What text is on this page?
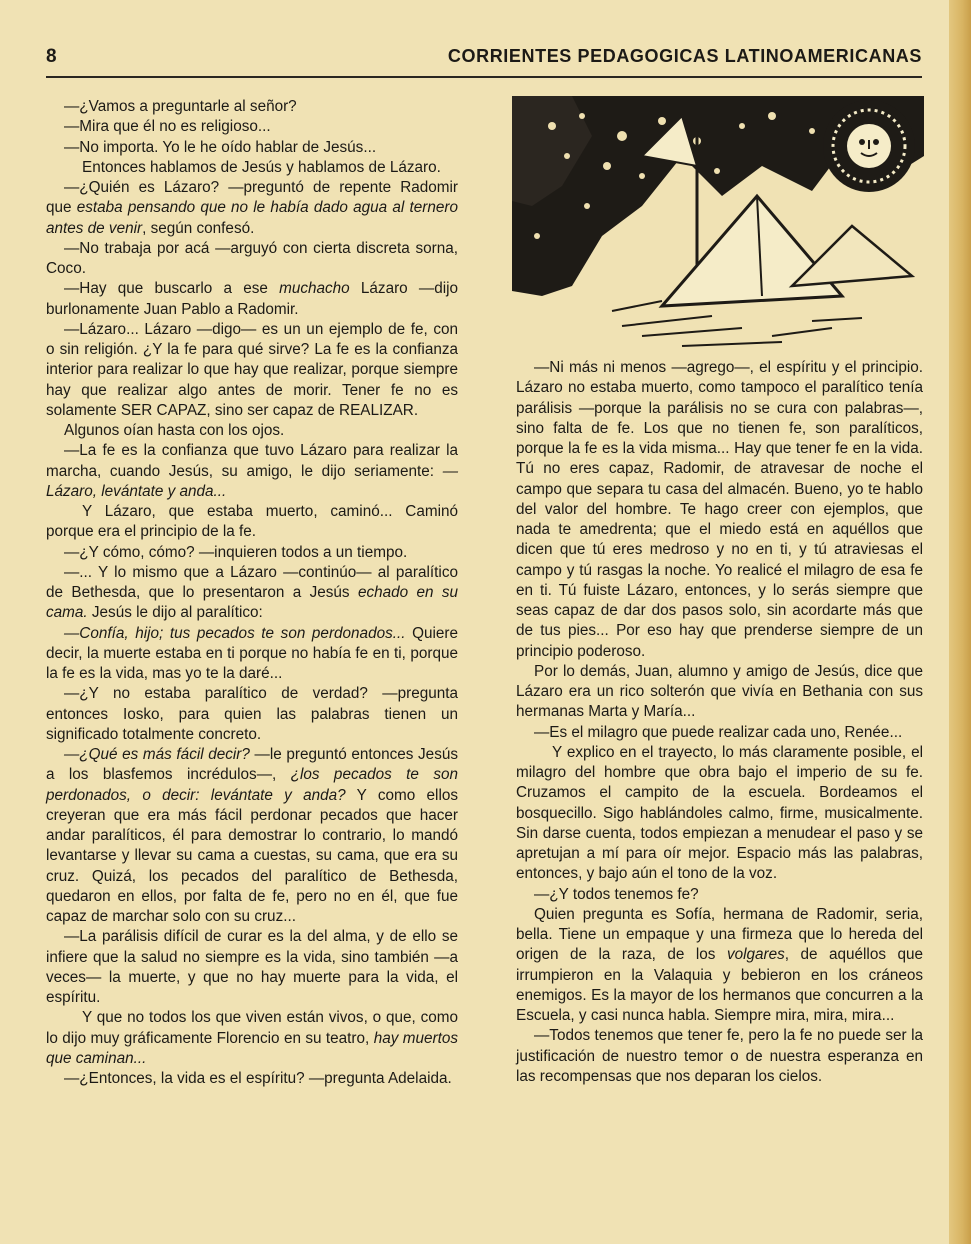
8	CORRIENTES PEDAGOGICAS LATINOAMERICANAS

—¿Vamos a preguntarle al señor?

—Mira que él no es religioso...

—No importa. Yo le he oído hablar de Jesús...

Entonces hablamos de Jesús y hablamos de Lázaro.

—¿Quién es Lázaro? —preguntó de repente Radomir que estaba pensando que no le había dado agua al ternero antes de venir, según confesó.

—No trabaja por acá —arguyó con cierta discreta sorna, Coco.

—Hay que buscarlo a ese muchacho Lázaro —dijo burlonamente Juan Pablo a Radomir.

—Lázaro... Lázaro —digo— es un un ejemplo de fe, con o sin religión. ¿Y la fe para qué sirve? La fe es la confianza interior para realizar lo que hay que realizar, porque siempre hay que realizar algo antes de morir. Tener fe no es solamente SER CAPAZ, sino ser capaz de REALIZAR.

Algunos oían hasta con los ojos.

—La fe es la confianza que tuvo Lázaro para realizar la marcha, cuando Jesús, su amigo, le dijo seriamente: —Lázaro, levántate y anda...

Y Lázaro, que estaba muerto, caminó... Caminó porque era el principio de la fe.

—¿Y cómo, cómo? —inquieren todos a un tiempo.

—... Y lo mismo que a Lázaro —continúo— al paralítico de Bethesda, que lo presentaron a Jesús echado en su cama. Jesús le dijo al paralítico:

—Confía, hijo; tus pecados te son perdonados... Quiere decir, la muerte estaba en ti porque no había fe en ti, porque la fe es la vida, mas yo te la daré...

—¿Y no estaba paralítico de verdad? —pregunta entonces Iosko, para quien las palabras tienen un significado totalmente concreto.

—¿Qué es más fácil decir? —le preguntó entonces Jesús a los blasfemos incrédulos—, ¿los pecados te son perdonados, o decir: levántate y anda? Y como ellos creyeran que era más fácil perdonar pecados que hacer andar paralíticos, él para demostrar lo contrario, lo mandó levantarse y llevar su cama a cuestas, su cama, que era su cruz. Quizá, los pecados del paralítico de Bethesda, quedaron en ellos, por falta de fe, pero no en él, que fue capaz de marchar solo con su cruz...

—La parálisis difícil de curar es la del alma, y de ello se infiere que la salud no siempre es la vida, sino también —a veces— la muerte, y que no hay muerte para la vida, el espíritu.

Y que no todos los que viven están vivos, o que, como lo dijo muy gráficamente Florencio en su teatro, hay muertos que caminan...

—¿Entonces, la vida es el espíritu? —pregunta Adelaida.

—Ni más ni menos —agrego—, el espíritu y el principio. Lázaro no estaba muerto, como tampoco el paralítico tenía parálisis —porque la parálisis no se cura con palabras—, sino falta de fe. Los que no tienen fe, son paralíticos, porque la fe es la vida misma... Hay que tener fe en la vida. Tú no eres capaz, Radomir, de atravesar de noche el campo que separa tu casa del almacén. Bueno, yo te hablo del valor del hombre. Te hago creer con ejemplos, que nada te amedrenta; que el miedo está en aquéllos que dicen que tú eres medroso y no en ti, y tú atraviesas el campo y tú rasgas la noche. Yo realicé el milagro de esa fe en ti. Tú fuiste Lázaro, entonces, y lo serás siempre que seas capaz de dar dos pasos solo, sin acordarte más que de tus pies... Por eso hay que prenderse siempre de un principio poderoso.

Por lo demás, Juan, alumno y amigo de Jesús, dice que Lázaro era un rico solterón que vivía en Bethania con sus hermanas Marta y María...

—Es el milagro que puede realizar cada uno, Renée...

Y explico en el trayecto, lo más claramente posible, el milagro del hombre que obra bajo el imperio de su fe. Cruzamos el campito de la escuela. Bordeamos el bosquecillo. Sigo hablándoles calmo, firme, musicalmente. Sin darse cuenta, todos empiezan a menudear el paso y se apretujan a mí para oír mejor. Espacio más las palabras, entonces, y bajo aún el tono de la voz.

—¿Y todos tenemos fe?

Quien pregunta es Sofía, hermana de Radomir, seria, bella. Tiene un empaque y una firmeza que lo hereda del origen de la raza, de los volgares, de aquéllos que irrumpieron en la Valaquia y bebieron en los cráneos enemigos. Es la mayor de los hermanos que concurren a la Escuela, y casi nunca habla. Siempre mira, mira, mira...

—Todos tenemos que tener fe, pero la fe no puede ser la justificación de nuestro temor o de nuestra esperanza en las recompensas que nos deparan los cielos.
